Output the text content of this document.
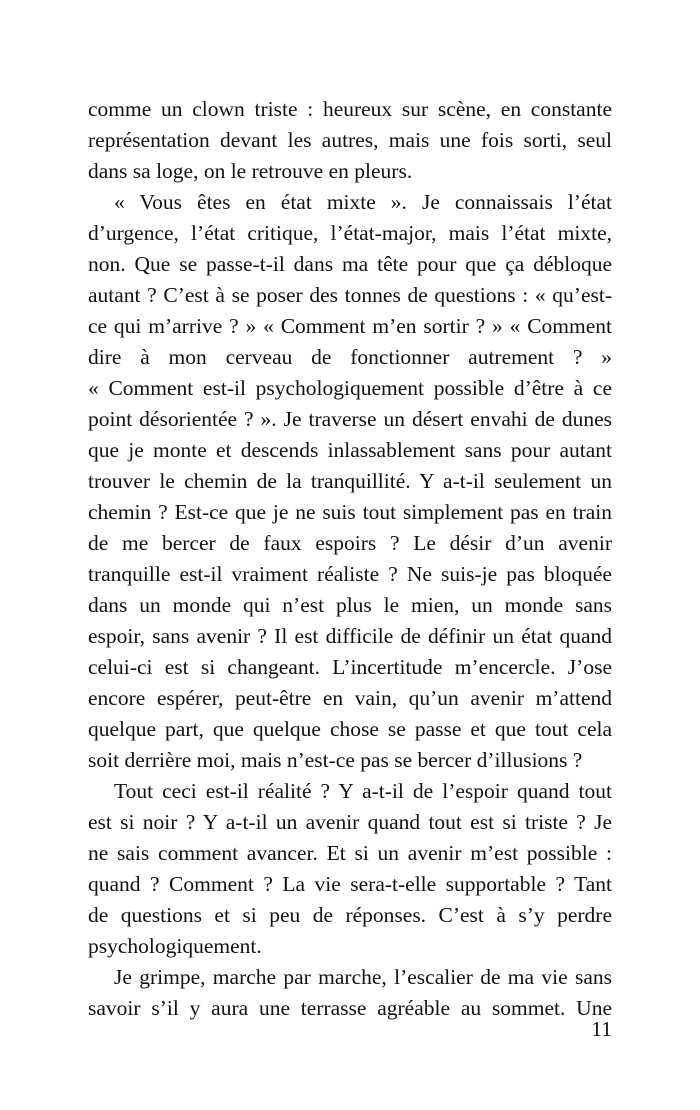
comme un clown triste : heureux sur scène, en constante
représentation devant les autres, mais une fois sorti, seul
dans sa loge, on le retrouve en pleurs.
« Vous êtes en état mixte ». Je connaissais l’état
d’urgence, l’état critique, l’état-major, mais l’état mixte,
non. Que se passe-t-il dans ma tête pour que ça débloque
autant ? C’est à se poser des tonnes de questions : « qu’est-
ce qui m’arrive ? » « Comment m’en sortir ? » « Comment
dire à mon cerveau de fonctionner autrement ? »
« Comment est-il psychologiquement possible d’être à ce
point désorientée ? ». Je traverse un désert envahi de dunes
que je monte et descends inlassablement sans pour autant
trouver le chemin de la tranquillité. Y a-t-il seulement un
chemin ? Est-ce que je ne suis tout simplement pas en train
de me bercer de faux espoirs ? Le désir d’un avenir
tranquille est-il vraiment réaliste ? Ne suis-je pas bloquée
dans un monde qui n’est plus le mien, un monde sans
espoir, sans avenir ? Il est difficile de définir un état quand
celui-ci est si changeant. L’incertitude m’encercle. J’ose
encore espérer, peut-être en vain, qu’un avenir m’attend
quelque part, que quelque chose se passe et que tout cela
soit derrière moi, mais n’est-ce pas se bercer d’illusions ?
Tout ceci est-il réalité ? Y a-t-il de l’espoir quand tout
est si noir ? Y a-t-il un avenir quand tout est si triste ? Je
ne sais comment avancer. Et si un avenir m’est possible :
quand ? Comment ? La vie sera-t-elle supportable ? Tant
de questions et si peu de réponses. C’est à s’y perdre
psychologiquement.
Je grimpe, marche par marche, l’escalier de ma vie sans
savoir s’il y aura une terrasse agréable au sommet. Une
11
